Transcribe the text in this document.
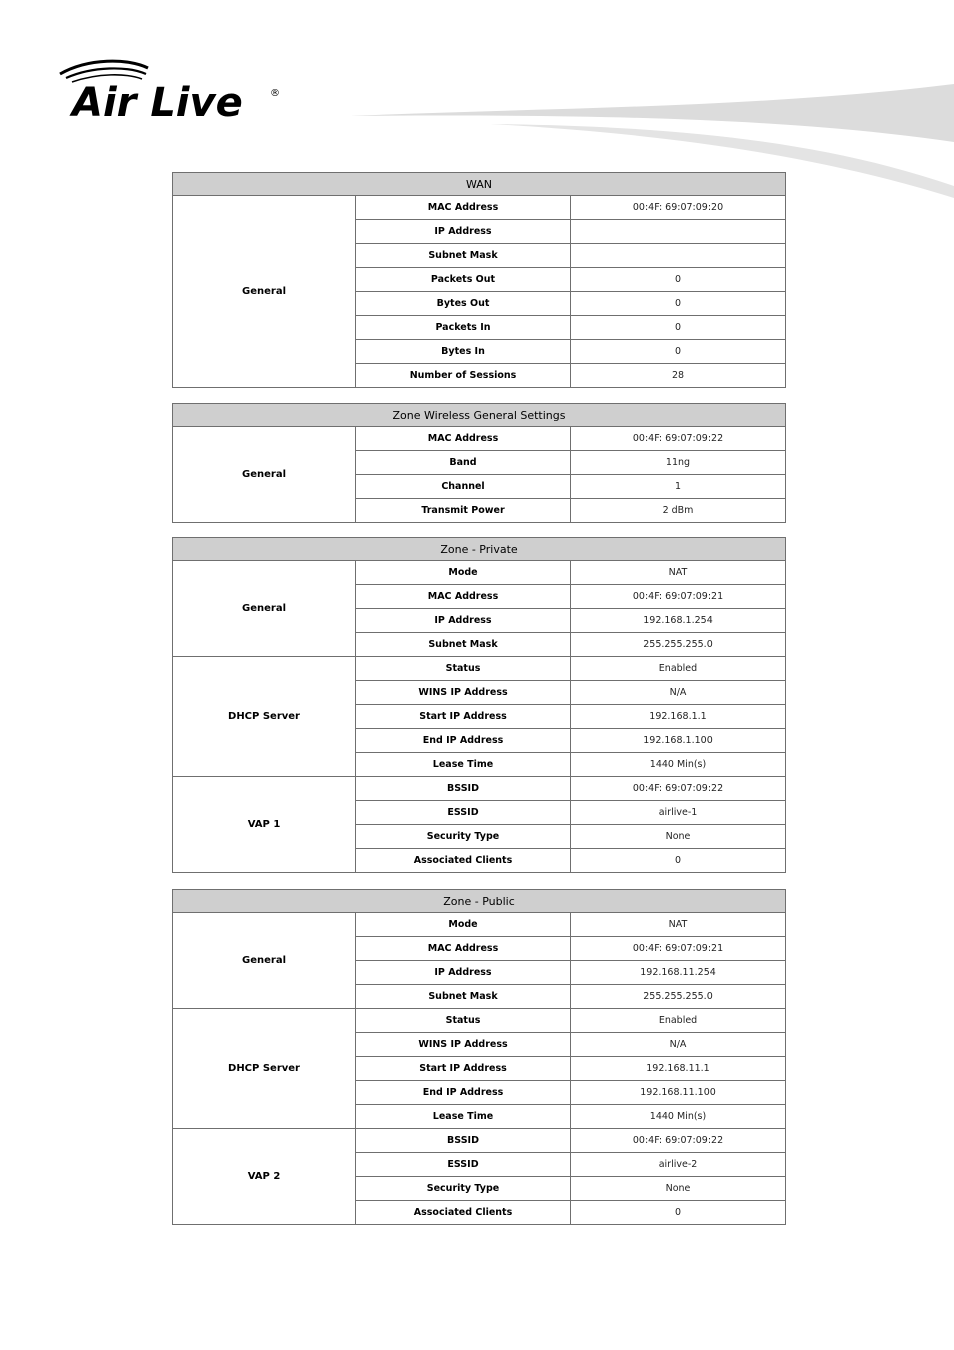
Air Live	®
WAN		
General	MAC Address	00:4F: 69:07:09:20
	IP Address	
	Subnet Mask	
	Packets Out	0
	Bytes Out	0
	Packets In	0
	Bytes In	0
	Number of Sessions	28
Zone Wireless General Settings		
General	MAC Address	00:4F: 69:07:09:22
	Band	11ng
	Channel	1
	Transmit Power	2 dBm
Zone - Private		
General	Mode	NAT
	MAC Address	00:4F: 69:07:09:21
	IP Address	192.168.1.254
	Subnet Mask	255.255.255.0
DHCP Server	Status	Enabled
	WINS IP Address	N/A
	Start IP Address	192.168.1.1
	End IP Address	192.168.1.100
	Lease Time	1440 Min(s)
VAP 1	BSSID	00:4F: 69:07:09:22
	ESSID	airlive-1
	Security Type	None
	Associated Clients	0
Zone - Public		
General	Mode	NAT
	MAC Address	00:4F: 69:07:09:21
	IP Address	192.168.11.254
	Subnet Mask	255.255.255.0
DHCP Server	Status	Enabled
	WINS IP Address	N/A
	Start IP Address	192.168.11.1
	End IP Address	192.168.11.100
	Lease Time	1440 Min(s)
VAP 2	BSSID	00:4F: 69:07:09:22
	ESSID	airlive-2
	Security Type	None
	Associated Clients	0
